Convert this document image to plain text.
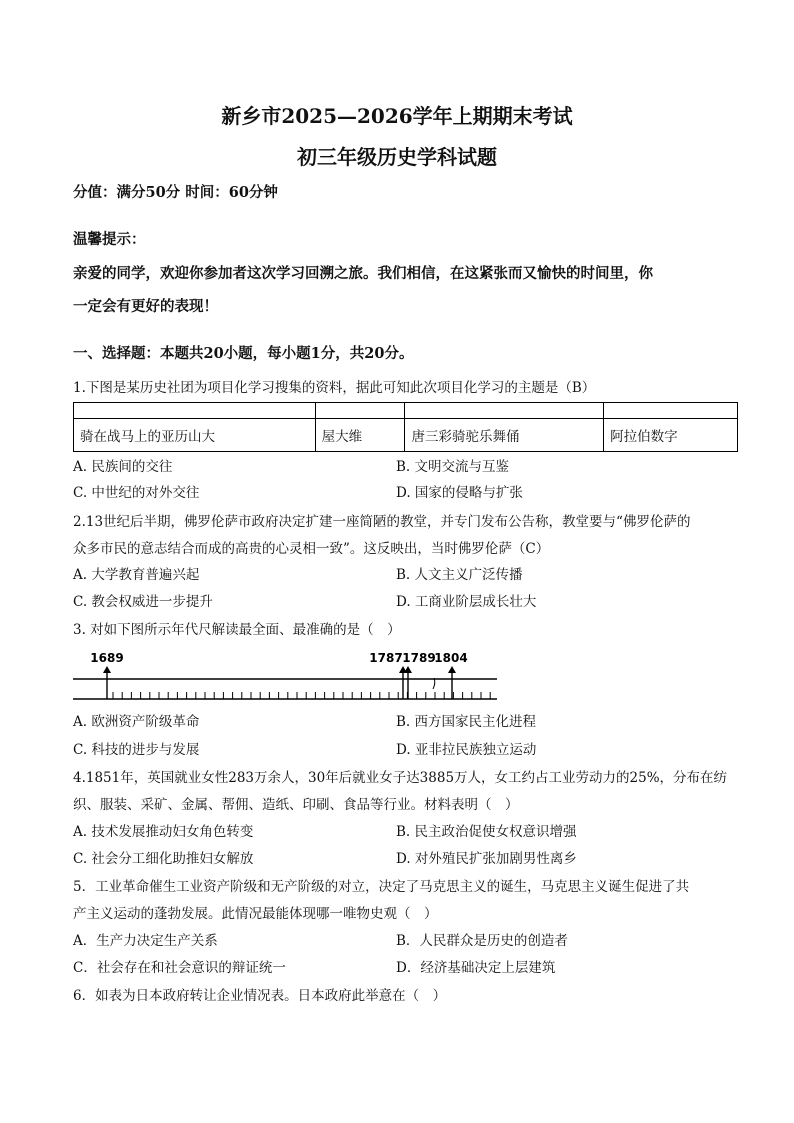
新乡市2025—2026学年上期期末考试
初三年级历史学科试题
分值：满分50分 时间：60分钟
温馨提示：
亲爱的同学，欢迎你参加者这次学习回溯之旅。我们相信，在这紧张而又愉快的时间里，你
一定会有更好的表现！
一、选择题：本题共20小题，每小题1分，共20分。
1.下图是某历史社团为项目化学习搜集的资料，据此可知此次项目化学习的主题是（B）

骑在战马上的亚历山大	屋大维	唐三彩骑驼乐舞俑	阿拉伯数字
A. 民族间的交往	B. 文明交流与互鉴
C. 中世纪的对外交往	D. 国家的侵略与扩张
2.13世纪后半期，佛罗伦萨市政府决定扩建一座简陋的教堂，并专门发布公告称，教堂要与“佛罗伦萨的
众多市民的意志结合而成的高贵的心灵相一致”。这反映出，当时佛罗伦萨（C）
A. 大学教育普遍兴起	B. 人文主义广泛传播
C. 教会权威进一步提升	D. 工商业阶层成长壮大
3. 对如下图所示年代尺解读最全面、最准确的是（　）
1689	1787 1789
1804
A. 欧洲资产阶级革命	B. 西方国家民主化进程
C. 科技的进步与发展	D. 亚非拉民族独立运动
4.1851年，英国就业女性283万余人，30年后就业女子达3885万人，女工约占工业劳动力的25%，分布在纺
织、服装、采矿、金属、帮佣、造纸、印刷、食品等行业。材料表明（　）
A. 技术发展推动妇女角色转变	B. 民主政治促使女权意识增强
C. 社会分工细化助推妇女解放	D. 对外殖民扩张加剧男性离乡
5．工业革命催生工业资产阶级和无产阶级的对立，决定了马克思主义的诞生，马克思主义诞生促进了共
产主义运动的蓬勃发展。此情况最能体现哪一唯物史观（　）
A．生产力决定生产关系	B．人民群众是历史的创造者
C．社会存在和社会意识的辩证统一	D．经济基础决定上层建筑
6．如表为日本政府转让企业情况表。日本政府此举意在（　）
